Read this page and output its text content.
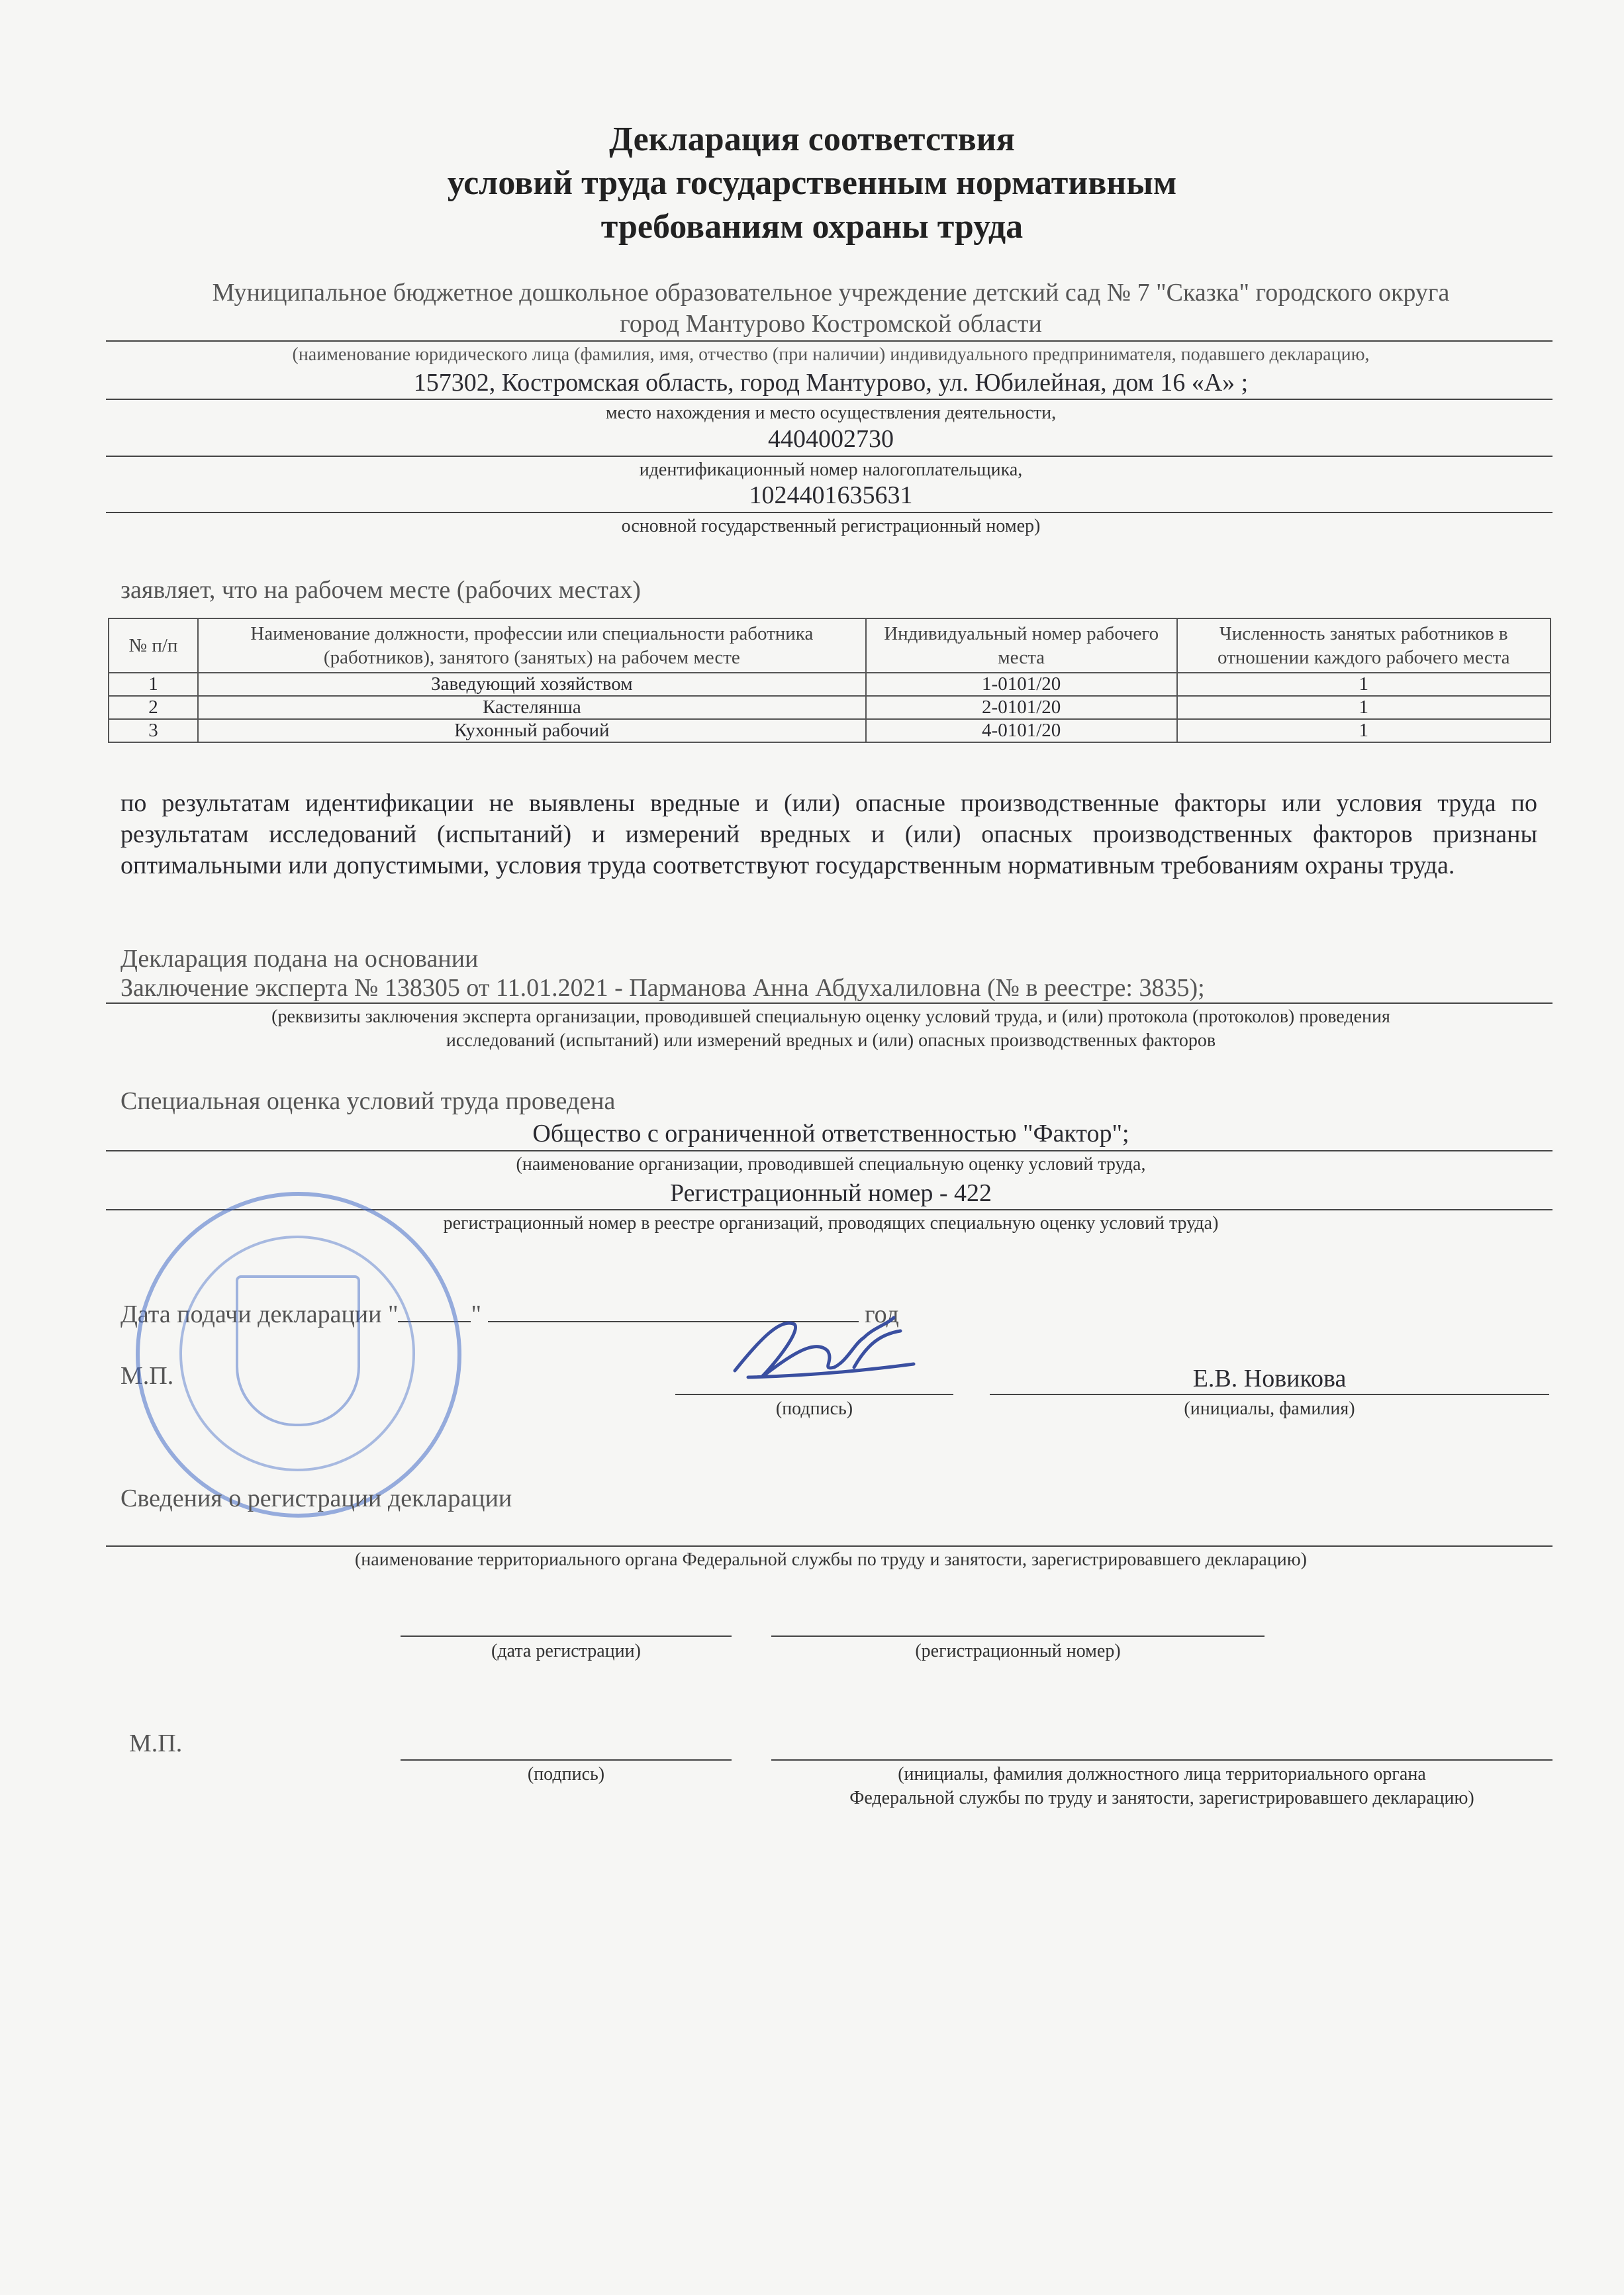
Декларация соответствия
условий труда государственным нормативным
требованиям охраны труда
Муниципальное бюджетное дошкольное образовательное учреждение детский сад № 7 "Сказка" городского округа
город Мантурово Костромской области
(наименование юридического лица (фамилия, имя, отчество (при наличии) индивидуального предпринимателя, подавшего декларацию,
157302, Костромская область, город Мантурово, ул. Юбилейная, дом 16 «А» ;
место нахождения и место осуществления деятельности,
4404002730
идентификационный номер налогоплательщика,
1024401635631
основной государственный регистрационный номер)
заявляет, что на рабочем месте (рабочих местах)
№ п/п	Наименование должности, профессии или специальности работника (работников), занятого (занятых) на рабочем месте	Индивидуальный номер рабочего места	Численность занятых работников в отношении каждого рабочего места
1	Заведующий хозяйством	1-0101/20	1
2	Кастелянша	2-0101/20	1
3	Кухонный рабочий	4-0101/20	1
по результатам идентификации не выявлены вредные и (или) опасные производственные факторы или условия труда по результатам исследований (испытаний) и измерений вредных и (или) опасных производственных факторов признаны оптимальными или допустимыми, условия труда соответствуют государственным нормативным требованиям охраны труда.
Декларация подана на основании
Заключение эксперта № 138305 от 11.01.2021 - Парманова Анна Абдухалиловна (№ в реестре: 3835);
(реквизиты заключения эксперта организации, проводившей специальную оценку условий труда, и (или) протокола (протоколов) проведения
исследований (испытаний) или измерений вредных и (или) опасных производственных факторов
Специальная оценка условий труда проведена
Общество с ограниченной ответственностью "Фактор";
(наименование организации, проводившей специальную оценку условий труда,
Регистрационный номер - 422
регистрационный номер в реестре организаций, проводящих специальную оценку условий труда)
Дата подачи декларации "	"	год
М.П.
(подпись)
Е.В. Новикова
(инициалы, фамилия)
Сведения о регистрации декларации
(наименование территориального органа Федеральной службы по труду и занятости, зарегистрировавшего декларацию)
(дата регистрации)	(регистрационный номер)
М.П.
(подпись)	(инициалы, фамилия должностного лица территориального органа
Федеральной службы по труду и занятости, зарегистрировавшего декларацию)
